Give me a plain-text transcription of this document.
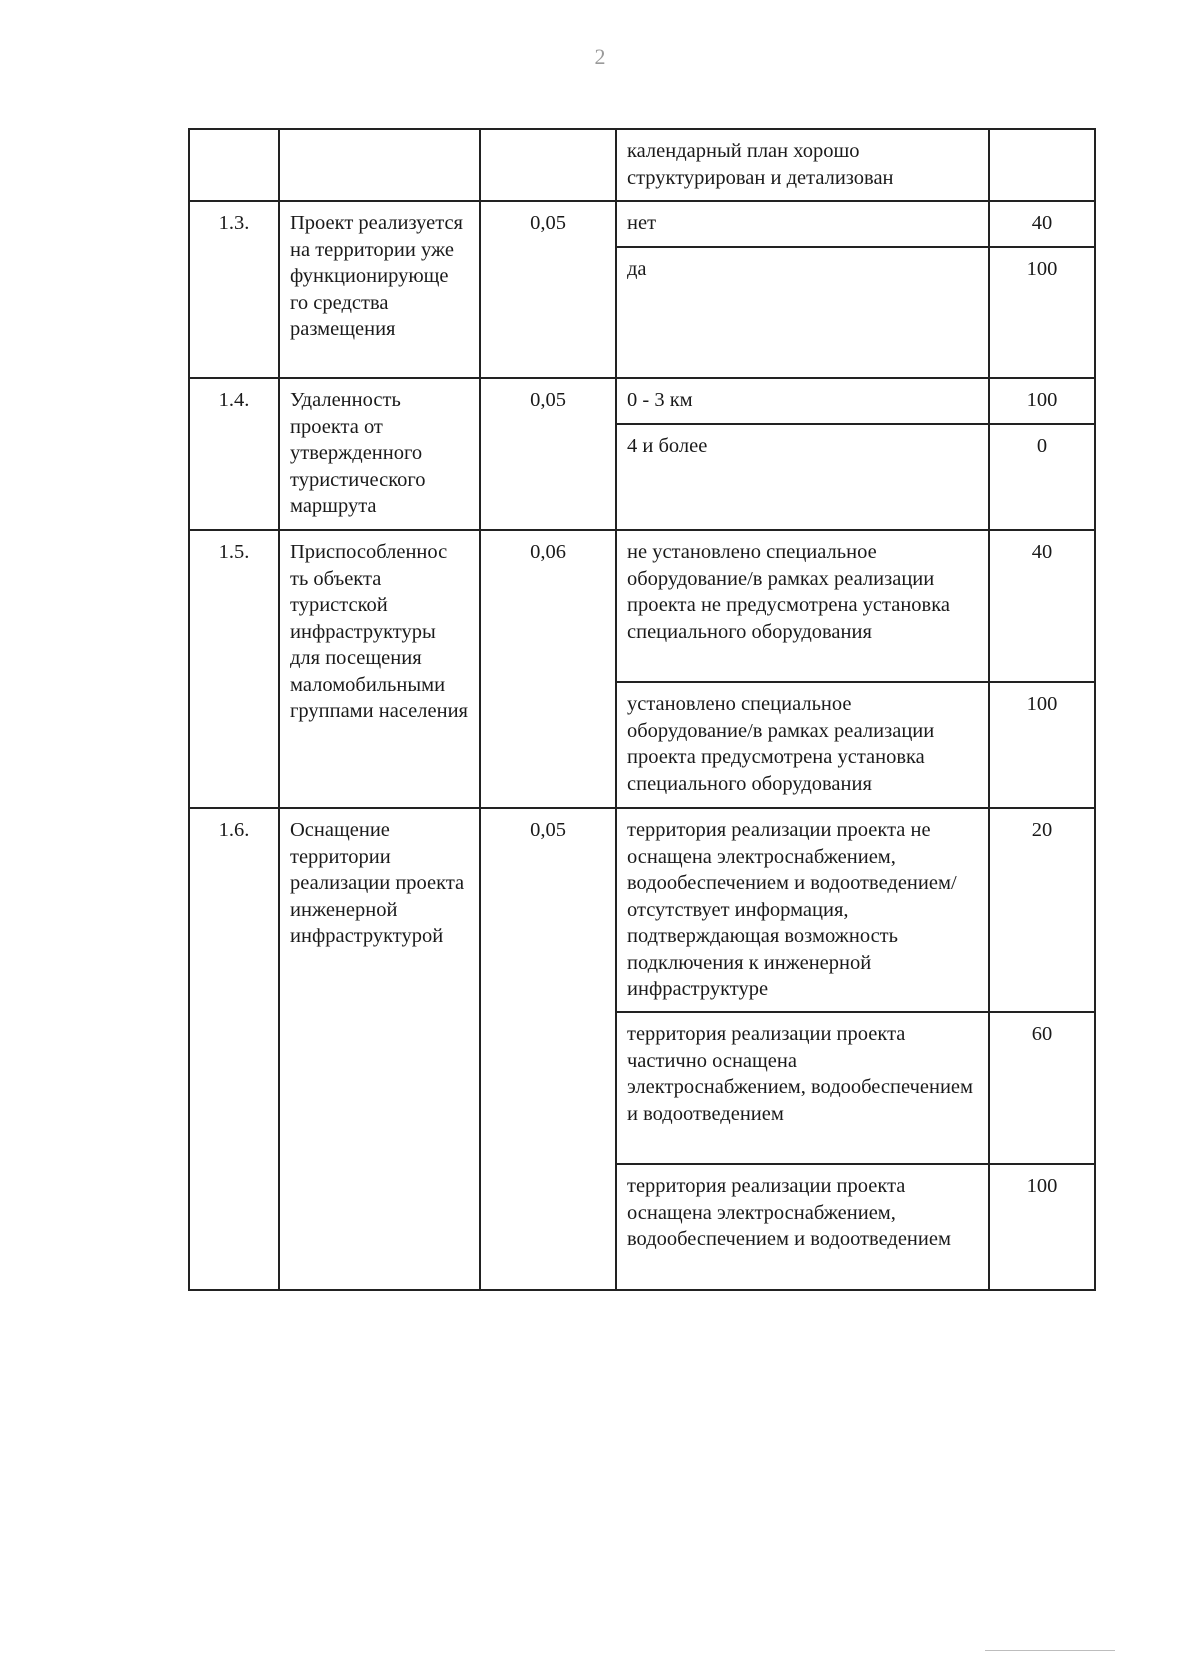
2
			календарный план хорошо структурирован и детализован	
1.3.	Проект реализуется на территории уже функционирующе го средства размещения	0,05	нет	40
			да	100
1.4.	Удаленность проекта от утвержденного туристического маршрута	0,05	0 - 3 км	100
			4 и более	0
1.5.	Приспособленнос ть объекта туристской инфраструктуры для посещения маломобильными группами населения	0,06	не установлено специальное оборудование/в рамках реализации проекта не предусмотрена установка специального оборудования	40
			установлено специальное оборудование/в рамках реализации проекта предусмотрена установка специального оборудования	100
1.6.	Оснащение территории реализации проекта инженерной инфраструктурой	0,05	территория реализации проекта не оснащена электроснабжением, водообеспечением и водоотведением/отсутствует информация, подтверждающая возможность подключения к инженерной инфраструктуре	20
			территория реализации проекта частично оснащена электроснабжением, водообеспечением и водоотведением	60
			территория реализации проекта оснащена электроснабжением, водообеспечением и водоотведением	100
